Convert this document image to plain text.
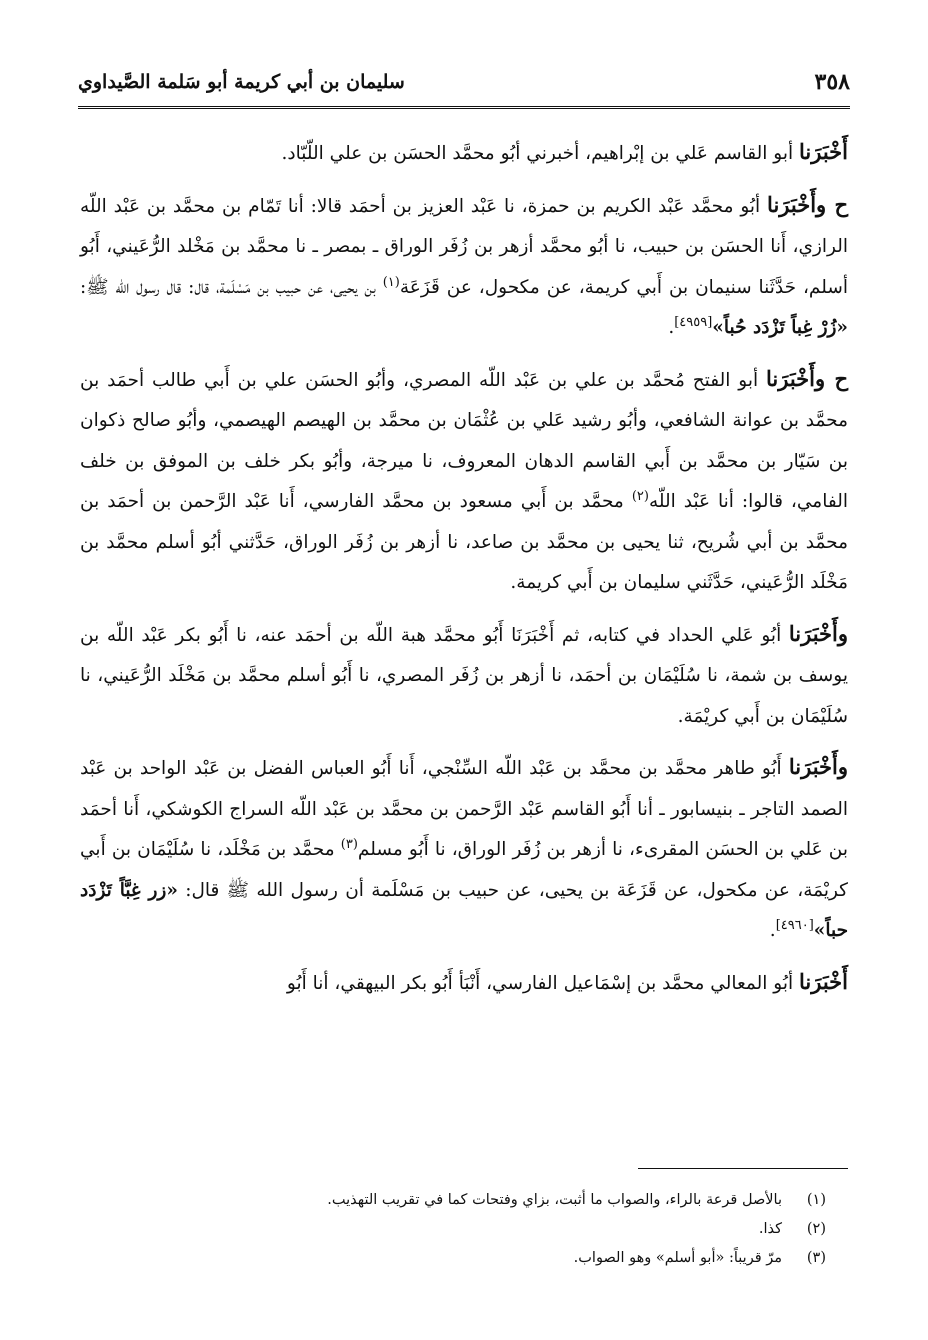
٣٥٨
سليمان بن أبي كريمة أبو سَلمة الصَّيداوي

أَخْبَرَنا أبو القاسم عَلي بن إبْراهيم، أخبرني أبُو محمَّد الحسَن بن علي اللّبّاد.

ح وأَخْبَرَنا أبُو محمَّد عَبْد الكريم بن حمزة، نا عَبْد العزيز بن أحمَد قالا: أنا تَمّام بن محمَّد بن عَبْد اللّه الرازي، أَنا الحسَن بن حبيب، نا أبُو محمَّد أزهر بن زُفَر الوراق ـ بمصر ـ نا محمَّد بن مَخْلد الرُّعَيني، أَبُو أسلم، حَدَّثَنا سنيمان بن أَبي كريمة، عن مكحول، عن قَزَعَة$^{(١)}$ بن يحيى، عن حبيب بن مَسْلَمة، قال: قال رسول الله ﷺ: «زُرْ غِباً تَزْدَد حُباً»[٤٩٥٩].

ح وأَخْبَرَنا أبو الفتح مُحمَّد بن علي بن عَبْد اللّه المصري، وأبُو الحسَن علي بن أَبي طالب أحمَد بن محمَّد بن عوانة الشافعي، وأبُو رشيد عَلي بن عُثْمَان بن محمَّد بن الهيصم الهيصمي، وأبُو صالح ذكوان بن سَيّار بن محمَّد بن أَبي القاسم الدهان المعروف، نا ميرجة، وأبُو بكر خلف بن الموفق بن خلف الفامي، قالوا: أنا عَبْد اللّه$^{(٢)}$ محمَّد بن أَبي مسعود بن محمَّد الفارسي، أَنا عَبْد الرَّحمن بن أحمَد بن محمَّد بن أبي شُريح، ثنا يحيى بن محمَّد بن صاعد، نا أزهر بن زُفَر الوراق، حَدَّثني أبُو أسلم محمَّد بن مَخْلَد الرُّعَيني، حَدَّثَني سليمان بن أَبي كريمة.

وأَخْبَرَنا أبُو عَلي الحداد في كتابه، ثم أَخْبَرَنَا أَبُو محمَّد هبة اللّه بن أحمَد عنه، نا أَبُو بكر عَبْد اللّه بن يوسف بن شمة، نا سُلَيْمَان بن أحمَد، نا أزهر بن زُفَر المصري، نا أَبُو أسلم محمَّد بن مَخْلَد الرُّعَيني، نا سُلَيْمَان بن أَبي كريْمَة.

وأَخْبَرَنا أَبُو طاهر محمَّد بن محمَّد بن عَبْد اللّه السِّنْجي، أَنا أَبُو العباس الفضل بن عَبْد الواحد بن عَبْد الصمد التاجر ـ بنيسابور ـ أنا أَبُو القاسم عَبْد الرَّحمن بن محمَّد بن عَبْد اللّه السراج الكوشكي، أَنا أحمَد بن عَلي بن الحسَن المقرىء، نا أزهر بن زُفَر الوراق، نا أَبُو مسلم$^{(٣)}$ محمَّد بن مَخْلَد، نا سُلَيْمَان بن أَبي كريْمَة، عن مكحول، عن قَزَعَة بن يحيى، عن حبيب بن مَسْلَمة أن رسول الله ﷺ قال: «زر غِبَّاً تَزْدَد حباً»[٤٩٦٠].

أَخْبَرَنا أبُو المعالي محمَّد بن إسْمَاعيل الفارسي، أَنْبَأ أَبُو بكر البيهقي، أنا أَبُو

(١)
بالأصل قرعة بالراء، والصواب ما أثبت، بزاي وفتحات كما في تقريب التهذيب.
(٢)
كذا.
(٣)
مرّ قريباً: «أبو أسلم» وهو الصواب.
